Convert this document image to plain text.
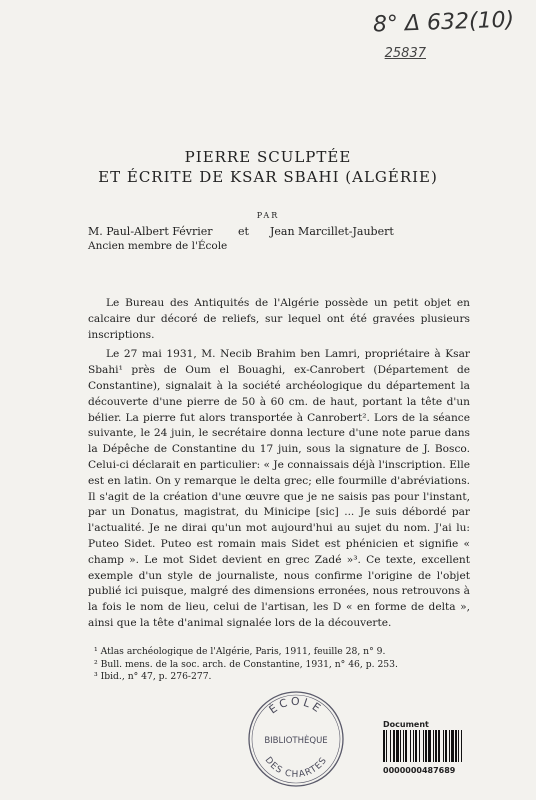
8° Δ 632(10)
25837
PIERRE SCULPTÉE
ET ÉCRITE DE KSAR SBAHI (ALGÉRIE)
PAR
M. Paul-Albert Février
Ancien membre de l'École
et Jean Marcillet-Jaubert

Le Bureau des Antiquités de l'Algérie possède un petit objet en calcaire dur décoré de reliefs, sur lequel ont été gravées plusieurs inscriptions.

Le 27 mai 1931, M. Necib Brahim ben Lamri, propriétaire à Ksar Sbahi¹ près de Oum el Bouaghi, ex-Canrobert (Département de Constantine), signalait à la société archéologique du département la découverte d'une pierre de 50 à 60 cm. de haut, portant la tête d'un bélier. La pierre fut alors transportée à Canrobert². Lors de la séance suivante, le 24 juin, le secrétaire donna lecture d'une note parue dans la Dépêche de Constantine du 17 juin, sous la signature de J. Bosco. Celui-ci déclarait en particulier: « Je connaissais déjà l'inscription. Elle est en latin. On y remarque le delta grec; elle fourmille d'abréviations. Il s'agit de la création d'une œuvre que je ne saisis pas pour l'instant, par un Donatus, magistrat, du Minicipe [sic] ... Je suis débordé par l'actualité. Je ne dirai qu'un mot aujourd'hui au sujet du nom. J'ai lu: Puteo Sidet. Puteo est romain mais Sidet est phénicien et signifie « champ ». Le mot Sidet devient en grec Zadé »³. Ce texte, excellent exemple d'un style de journaliste, nous confirme l'origine de l'objet publié ici puisque, malgré des dimensions erronées, nous retrouvons à la fois le nom de lieu, celui de l'artisan, les D « en forme de delta », ainsi que la tête d'animal signalée lors de la découverte.

¹ Atlas archéologique de l'Algérie, Paris, 1911, feuille 28, n° 9.
² Bull. mens. de la soc. arch. de Constantine, 1931, n° 46, p. 253.
³ Ibid., n° 47, p. 276-277.
ÉCOLE
BIBLIOTHÈQUE
DES CHARTES
Document
0000000487689
